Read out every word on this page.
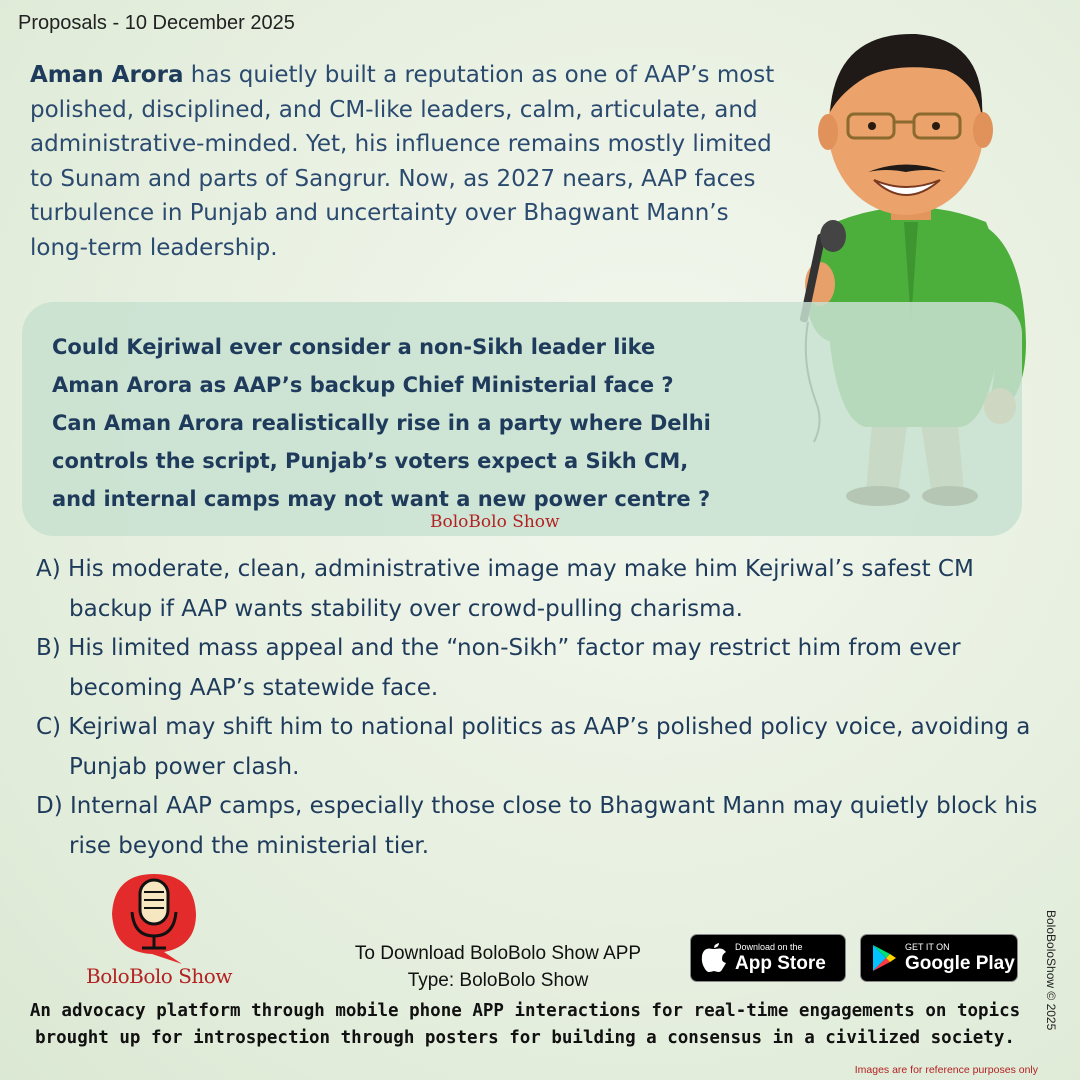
Proposals - 10 December 2025
Aman Arora has quietly built a reputation as one of AAP’s most polished, disciplined, and CM-like leaders, calm, articulate, and administrative-minded. Yet, his influence remains mostly limited to Sunam and parts of Sangrur. Now, as 2027 nears, AAP faces turbulence in Punjab and uncertainty over Bhagwant Mann’s long-term leadership.
Could Kejriwal ever consider a non-Sikh leader like
Aman Arora as AAP’s backup Chief Ministerial face ?
Can Aman Arora realistically rise in a party where Delhi
controls the script, Punjab’s voters expect a Sikh CM,
and internal camps may not want a new power centre ?
BoloBolo Show
A) His moderate, clean, administrative image may make him Kejriwal’s safest CM backup if AAP wants stability over crowd-pulling charisma.
B) His limited mass appeal and the “non-Sikh” factor may restrict him from ever becoming AAP’s statewide face.
C) Kejriwal may shift him to national politics as AAP’s polished policy voice, avoiding a Punjab power clash.
D) Internal AAP camps, especially those close to Bhagwant Mann may quietly block his rise beyond the ministerial tier.
BoloBolo Show
To Download BoloBolo Show APP
Type: BoloBolo Show
Download on the
App Store
GET IT ON
Google Play
An advocacy platform through mobile phone APP interactions for real-time engagements on topics
brought up for introspection through posters for building a consensus in a civilized society.
BoloBoloShow © 2025
Images are for reference purposes only
